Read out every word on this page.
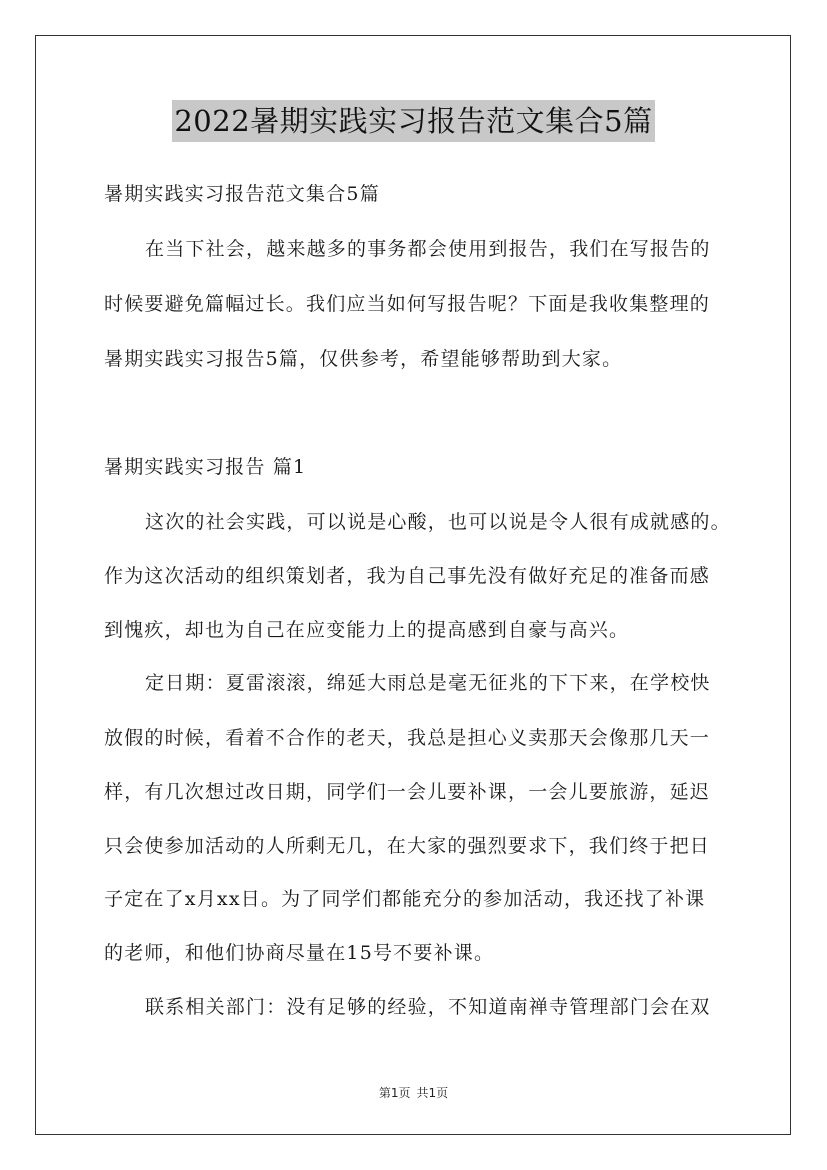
2022暑期实践实习报告范文集合5篇
暑期实践实习报告范文集合5篇
在当下社会，越来越多的事务都会使用到报告，我们在写报告的
时候要避免篇幅过长。我们应当如何写报告呢？下面是我收集整理的
暑期实践实习报告5篇，仅供参考，希望能够帮助到大家。
暑期实践实习报告 篇1
这次的社会实践，可以说是心酸，也可以说是令人很有成就感的。
作为这次活动的组织策划者，我为自己事先没有做好充足的准备而感
到愧疚，却也为自己在应变能力上的提高感到自豪与高兴。
定日期：夏雷滚滚，绵延大雨总是毫无征兆的下下来，在学校快
放假的时候，看着不合作的老天，我总是担心义卖那天会像那几天一
样，有几次想过改日期，同学们一会儿要补课，一会儿要旅游，延迟
只会使参加活动的人所剩无几，在大家的强烈要求下，我们终于把日
子定在了x月xx日。为了同学们都能充分的参加活动，我还找了补课
的老师，和他们协商尽量在15号不要补课。
联系相关部门：没有足够的经验，不知道南禅寺管理部门会在双
第1页 共1页
